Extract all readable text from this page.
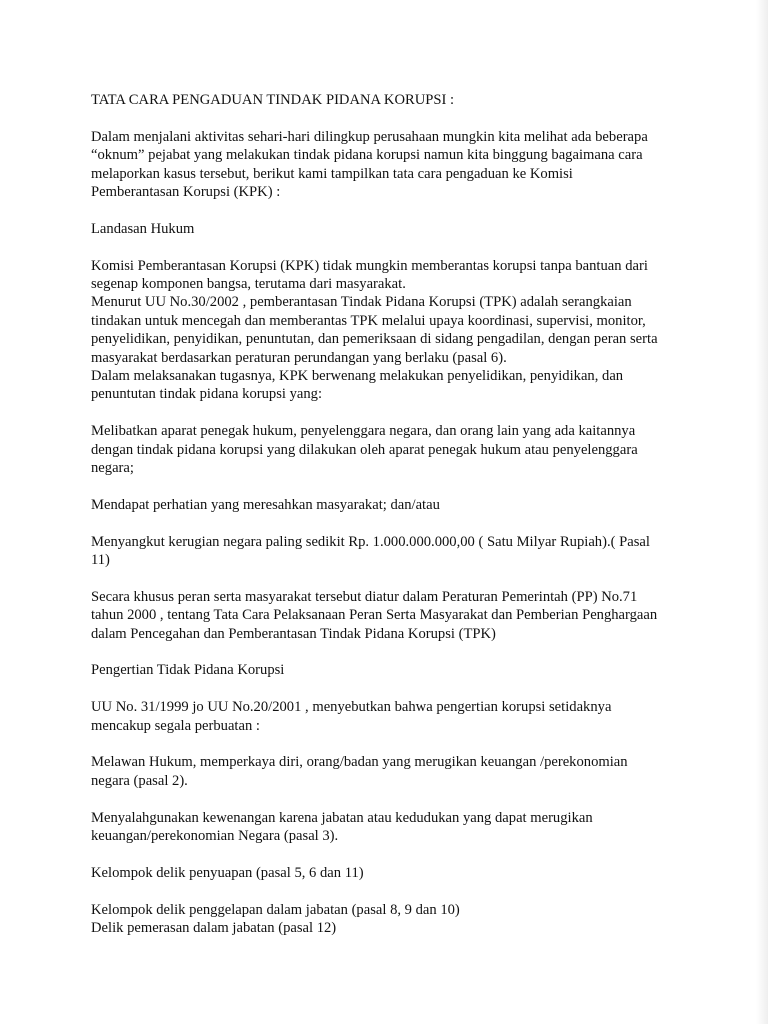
TATA CARA PENGADUAN TINDAK PIDANA KORUPSI :
Dalam menjalani aktivitas sehari-hari dilingkup perusahaan mungkin kita melihat ada beberapa
“oknum” pejabat yang melakukan tindak pidana korupsi namun kita binggung bagaimana cara
melaporkan kasus tersebut, berikut kami tampilkan tata cara pengaduan ke Komisi
Pemberantasan Korupsi (KPK) :
Landasan Hukum
Komisi Pemberantasan Korupsi (KPK) tidak mungkin memberantas korupsi tanpa bantuan dari
segenap komponen bangsa, terutama dari masyarakat.
Menurut UU No.30/2002 , pemberantasan Tindak Pidana Korupsi (TPK) adalah serangkaian
tindakan untuk mencegah dan memberantas TPK melalui upaya koordinasi, supervisi, monitor,
penyelidikan, penyidikan, penuntutan, dan pemeriksaan di sidang pengadilan, dengan peran serta
masyarakat berdasarkan peraturan perundangan yang berlaku (pasal 6).
Dalam melaksanakan tugasnya, KPK berwenang melakukan penyelidikan, penyidikan, dan
penuntutan tindak pidana korupsi yang:
Melibatkan aparat penegak hukum, penyelenggara negara, dan orang lain yang ada kaitannya
dengan tindak pidana korupsi yang dilakukan oleh aparat penegak hukum atau penyelenggara
negara;
Mendapat perhatian yang meresahkan masyarakat; dan/atau
Menyangkut kerugian negara paling sedikit Rp. 1.000.000.000,00 ( Satu Milyar Rupiah).( Pasal
11)
Secara khusus peran serta masyarakat tersebut diatur dalam Peraturan Pemerintah (PP) No.71
tahun 2000 , tentang Tata Cara Pelaksanaan Peran Serta Masyarakat dan Pemberian Penghargaan
dalam Pencegahan dan Pemberantasan Tindak Pidana Korupsi (TPK)
Pengertian Tidak Pidana Korupsi
UU No. 31/1999 jo UU No.20/2001 , menyebutkan bahwa pengertian korupsi setidaknya
mencakup segala perbuatan :
Melawan Hukum, memperkaya diri, orang/badan yang merugikan keuangan /perekonomian
negara (pasal 2).
Menyalahgunakan kewenangan karena jabatan atau kedudukan yang dapat merugikan
keuangan/perekonomian Negara (pasal 3).
Kelompok delik penyuapan (pasal 5, 6 dan 11)
Kelompok delik penggelapan dalam jabatan (pasal 8, 9 dan 10)
Delik pemerasan dalam jabatan (pasal 12)
